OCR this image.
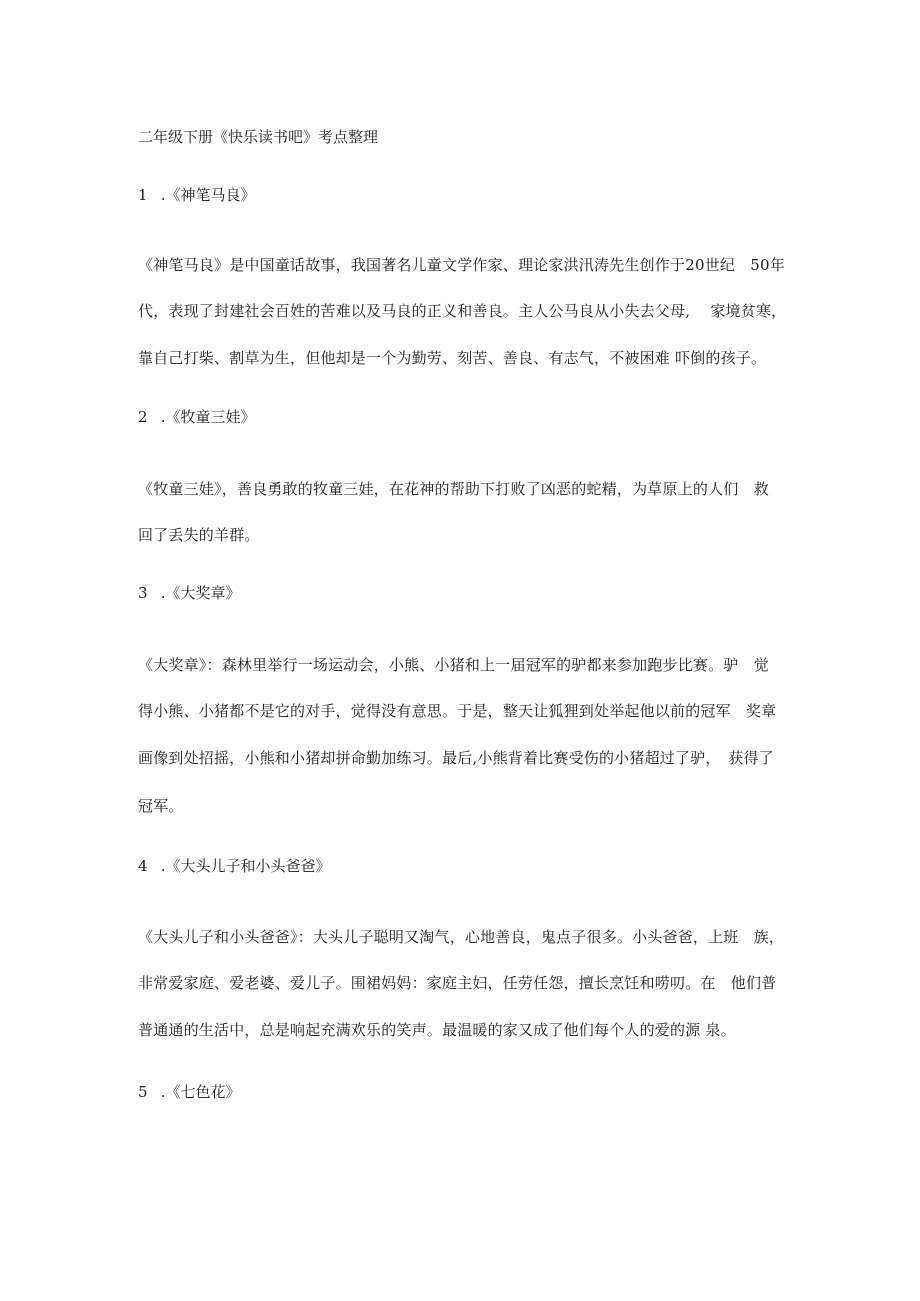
二年级下册《快乐读书吧》考点整理
1 .《神笔马良》
《神笔马良》是中国童话故事，我国著名儿童文学作家、理论家洪汛涛先生创作于20世纪　50年
代，表现了封建社会百姓的苦难以及马良的正义和善良。主人公马良从小失去父母,　 家境贫寒，
靠自己打柴、割草为生，但他却是一个为勤劳、刻苦、善良、有志气，不被困难 吓倒的孩子。
2 .《牧童三娃》
《牧童三娃》，善良勇敢的牧童三娃，在花神的帮助下打败了凶恶的蛇精，为草原上的人们　救
回了丢失的羊群。
3 .《大奖章》
《大奖章》：森林里举行一场运动会，小熊、小猪和上一届冠军的驴都来参加跑步比赛。驴　觉
得小熊、小猪都不是它的对手，觉得没有意思。于是，整天让狐狸到处举起他以前的冠军　奖章
画像到处招摇，小熊和小猪却拼命勤加练习。最后,小熊背着比赛受伤的小猪超过了驴，　获得了
冠军。
4 .《大头儿子和小头爸爸》
《大头儿子和小头爸爸》：大头儿子聪明又淘气，心地善良，鬼点子很多。小头爸爸，上班　族，
非常爱家庭、爱老婆、爱儿子。围裙妈妈：家庭主妇，任劳任怨，擅长烹饪和唠叨。在　他们普
普通通的生活中，总是响起充满欢乐的笑声。最温暖的家又成了他们每个人的爱的源 泉。
5 .《七色花》
